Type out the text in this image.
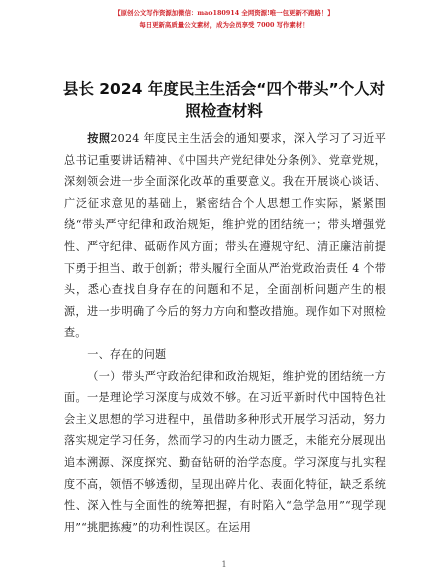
【原创公文写作资源加微信：mao180914 全网资源!唯一包更新不跑路！】
每日更新高质量公文素材，成为会员享受 7000 写作素材！
县长 2024 年度民主生活会“四个带头”个人对
照检查材料

按照2024 年度民主生活会的通知要求，深入学习了习近平总书记重要讲话精神、《中国共产党纪律处分条例》、党章党规，深刻领会进一步全面深化改革的重要意义。我在开展谈心谈话、广泛征求意见的基础上，紧密结合个人思想工作实际，紧紧围绕“带头严守纪律和政治规矩，维护党的团结统一；带头增强党性、严守纪律、砥砺作风方面；带头在遵规守纪、清正廉洁前提下勇于担当、敢于创新；带头履行全面从严治党政治责任 4 个带头，悉心查找自身存在的问题和不足，全面剖析问题产生的根源，进一步明确了今后的努力方向和整改措施。现作如下对照检查。

一、存在的问题

（一）带头严守政治纪律和政治规矩，维护党的团结统一方面。一是理论学习深度与成效不够。在习近平新时代中国特色社会主义思想的学习进程中，虽借助多种形式开展学习活动，努力落实规定学习任务，然而学习的内生动力匮乏，未能充分展现出追本溯源、深度探究、勤奋钻研的治学态度。学习深度与扎实程度不高，领悟不够透彻，呈现出碎片化、表面化特征，缺乏系统性、深入性与全面性的统筹把握，有时陷入“急学急用”“现学现用”“挑肥拣瘦”的功利性误区。在运用

1
